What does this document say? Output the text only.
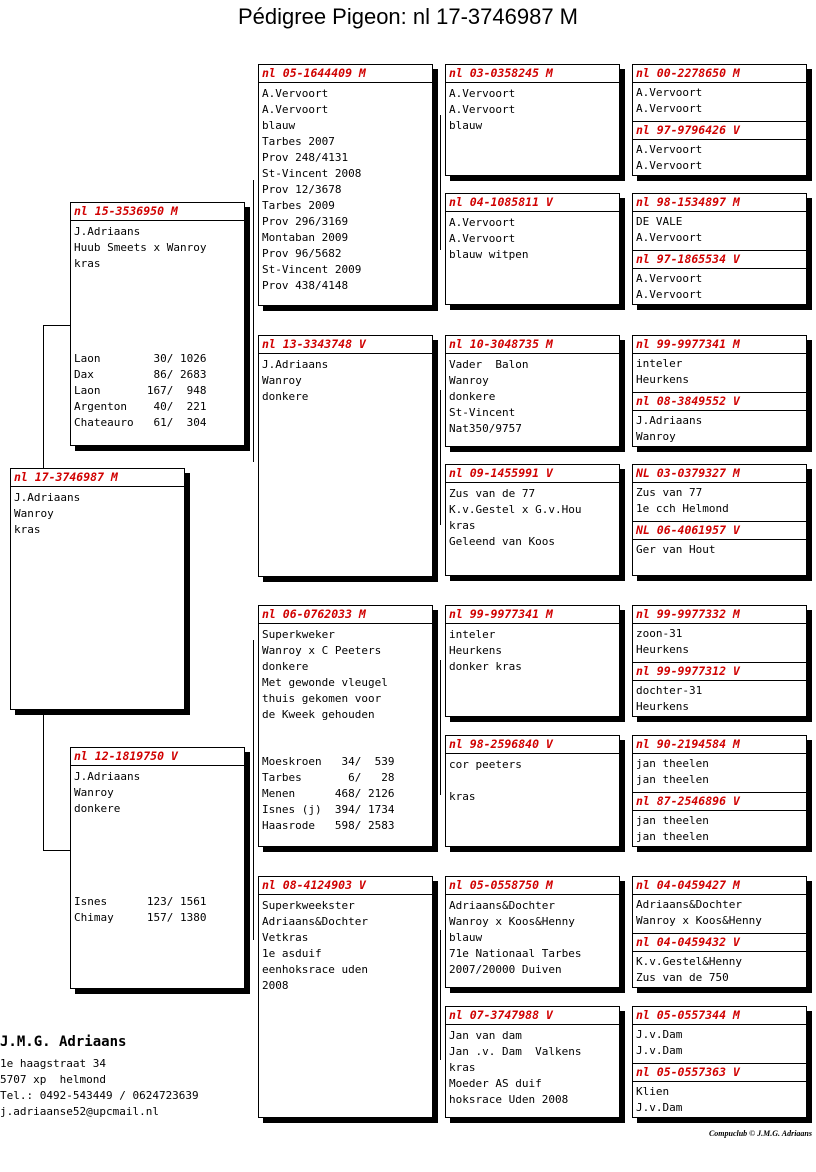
Pédigree Pigeon: nl 17-3746987 M
nl 17-3746987 M
J.Adriaans
Wanroy
kras
nl 15-3536950 M
J.Adriaans
Huub Smeets x Wanroy
kras
Laon        30/ 1026
Dax         86/ 2683
Laon       167/  948
Argenton    40/  221
Chateauro   61/  304
nl 12-1819750 V
J.Adriaans
Wanroy
donkere
Isnes      123/ 1561
Chimay     157/ 1380
nl 05-1644409 M
A.Vervoort
A.Vervoort
blauw
Tarbes 2007
Prov 248/4131
St-Vincent 2008
Prov 12/3678
Tarbes 2009
Prov 296/3169
Montaban 2009
Prov 96/5682
St-Vincent 2009
Prov 438/4148
nl 13-3343748 V
J.Adriaans
Wanroy
donkere
nl 06-0762033 M
Superkweker
Wanroy x C Peeters
donkere
Met gewonde vleugel
thuis gekomen voor
de Kweek gehouden
Moeskroen   34/  539
Tarbes       6/   28
Menen      468/ 2126
Isnes (j)  394/ 1734
Haasrode   598/ 2583
nl 08-4124903 V
Superkweekster
Adriaans&Dochter
Vetkras
1e asduif
eenhoksrace uden
2008
nl 03-0358245 M
A.Vervoort
A.Vervoort
blauw
nl 04-1085811 V
A.Vervoort
A.Vervoort
blauw witpen
nl 10-3048735 M
Vader  Balon
Wanroy
donkere
St-Vincent
Nat350/9757
nl 09-1455991 V
Zus van de 77
K.v.Gestel x G.v.Hou
kras
Geleend van Koos
nl 99-9977341 M
inteler
Heurkens
donker kras
nl 98-2596840 V
cor peeters

kras
nl 05-0558750 M
Adriaans&Dochter
Wanroy x Koos&Henny
blauw
71e Nationaal Tarbes
2007/20000 Duiven
nl 07-3747988 V
Jan van dam
Jan .v. Dam  Valkens
kras
Moeder AS duif
hoksrace Uden 2008
nl 00-2278650 M
A.Vervoort
A.Vervoort
nl 97-9796426 V
A.Vervoort
A.Vervoort
nl 98-1534897 M
DE VALE
A.Vervoort
nl 97-1865534 V
A.Vervoort
A.Vervoort
nl 99-9977341 M
inteler
Heurkens
nl 08-3849552 V
J.Adriaans
Wanroy
NL 03-0379327 M
Zus van 77
1e cch Helmond
NL 06-4061957 V
Ger van Hout
nl 99-9977332 M
zoon-31
Heurkens
nl 99-9977312 V
dochter-31
Heurkens
nl 90-2194584 M
jan theelen
jan theelen
nl 87-2546896 V
jan theelen
jan theelen
nl 04-0459427 M
Adriaans&Dochter
Wanroy x Koos&Henny
nl 04-0459432 V
K.v.Gestel&Henny
Zus van de 750
nl 05-0557344 M
J.v.Dam
J.v.Dam
nl 05-0557363 V
Klien
J.v.Dam
J.M.G. Adriaans
1e haagstraat 34
5707 xp  helmond
Tel.: 0492-543449 / 0624723639
j.adriaanse52@upcmail.nl
Compuclub © J.M.G. Adriaans
